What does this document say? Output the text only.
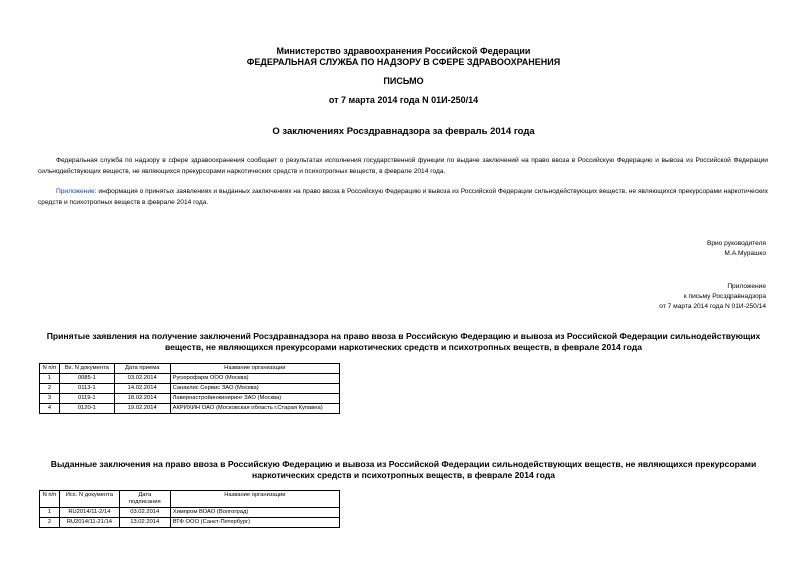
Министерство здравоохранения Российской Федерации
ФЕДЕРАЛЬНАЯ СЛУЖБА ПО НАДЗОРУ В СФЕРЕ ЗДРАВООХРАНЕНИЯ
ПИСЬМО
от 7 марта 2014 года N 01И-250/14
О заключениях Росздравнадзора за февраль 2014 года
Федеральная служба по надзору в сфере здравоохранения сообщает о результатах исполнения государственной функции по выдаче заключений на право ввоза в Российскую Федерацию и вывоза из Российской Федерации сильнодействующих веществ, не являющихся прекурсорами наркотических средств и психотропных веществ, в феврале 2014 года.
Приложение: информация о принятых заявлениях и выданных заключениях на право ввоза в Российскую Федерацию и вывоза из Российской Федерации сильнодействующих веществ, не являющихся прекурсорами наркотических средств и психотропных веществ в феврале 2014 года.
Врио руководителя
М.А.Мурашко
Приложение
к письму Росздравнадзора
от 7 марта 2014 года N 01И-250/14
Принятые заявления на получение заключений Росздравнадзора на право ввоза в Российскую Федерацию и вывоза из Российской Федерации сильнодействующих веществ, не являющихся прекурсорами наркотических средств и психотропных веществ, в феврале 2014 года
N п/п	Вх. N документа	Дата приема	Название организации
1	0085-1	03.02.2014	Русюрофарм ООО (Москва)
2	0113-1	14.02.2014	Санаклис Сервис ЗАО (Москва)
3	0119-1	18.02.2014	Лавернастройинжиниринг ЗАО (Москва)
4	0120-1	19.02.2014	АКРИХИН ОАО (Московская область г.Старая Купавна)
Выданные заключения на право ввоза в Российскую Федерацию и вывоза из Российской Федерации сильнодействующих веществ, не являющихся прекурсорами наркотических средств и психотропных веществ, в феврале 2014 года
N п/п	Исх. N документа	Дата подписания	Название организации
1	RU2014/11-2/14	03.02.2014	Химпром ВОАО (Волгоград)
2	RU2014/11-21/14	13.02.2014	ВТФ ООО (Санкт-Петербург)
